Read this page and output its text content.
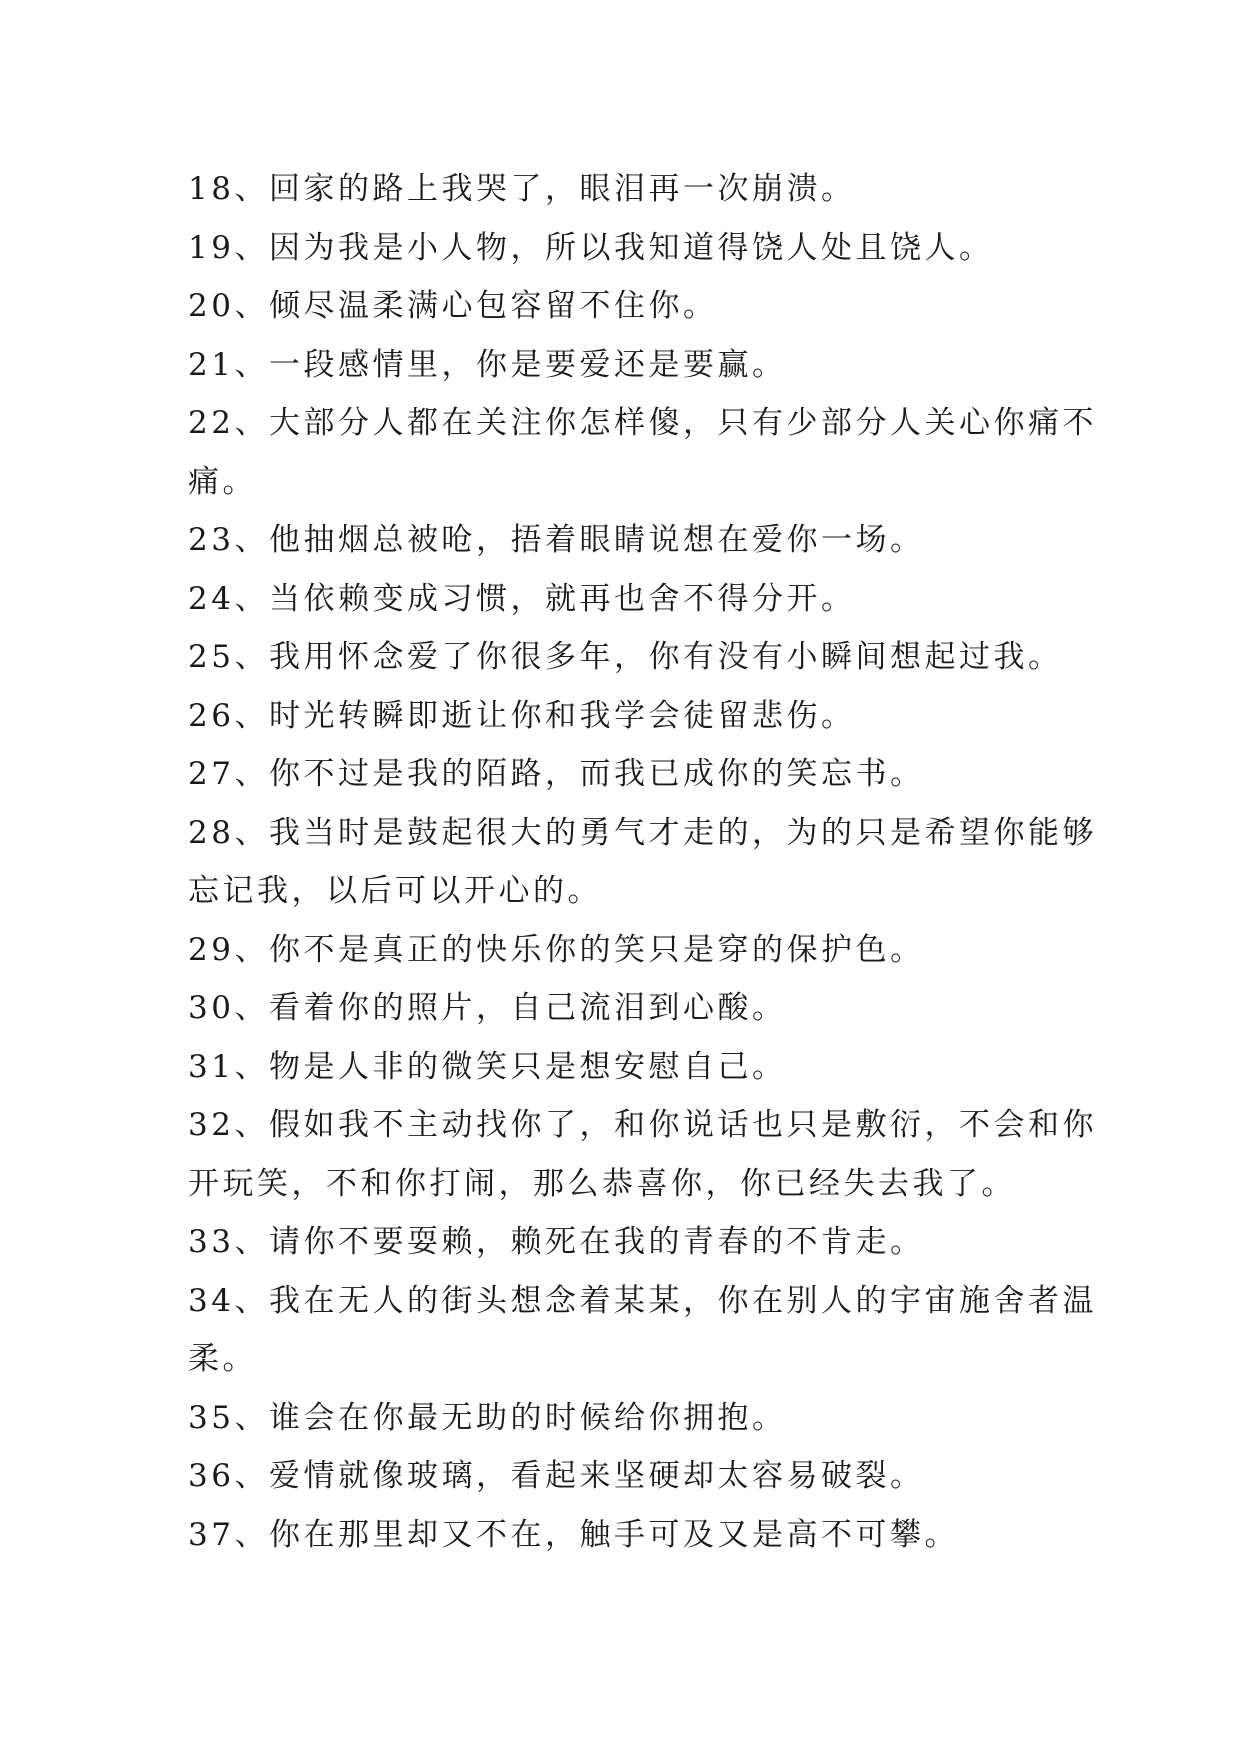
18、回家的路上我哭了，眼泪再一次崩溃。
19、因为我是小人物，所以我知道得饶人处且饶人。
20、倾尽温柔满心包容留不住你。
21、一段感情里，你是要爱还是要赢。
22、大部分人都在关注你怎样傻，只有少部分人关心你痛不
痛。
23、他抽烟总被呛，捂着眼睛说想在爱你一场。
24、当依赖变成习惯，就再也舍不得分开。
25、我用怀念爱了你很多年，你有没有小瞬间想起过我。
26、时光转瞬即逝让你和我学会徒留悲伤。
27、你不过是我的陌路，而我已成你的笑忘书。
28、我当时是鼓起很大的勇气才走的，为的只是希望你能够
忘记我，以后可以开心的。
29、你不是真正的快乐你的笑只是穿的保护色。
30、看着你的照片，自己流泪到心酸。
31、物是人非的微笑只是想安慰自己。
32、假如我不主动找你了，和你说话也只是敷衍，不会和你
开玩笑，不和你打闹，那么恭喜你，你已经失去我了。
33、请你不要耍赖，赖死在我的青春的不肯走。
34、我在无人的街头想念着某某，你在别人的宇宙施舍者温
柔。
35、谁会在你最无助的时候给你拥抱。
36、爱情就像玻璃，看起来坚硬却太容易破裂。
37、你在那里却又不在，触手可及又是高不可攀。
